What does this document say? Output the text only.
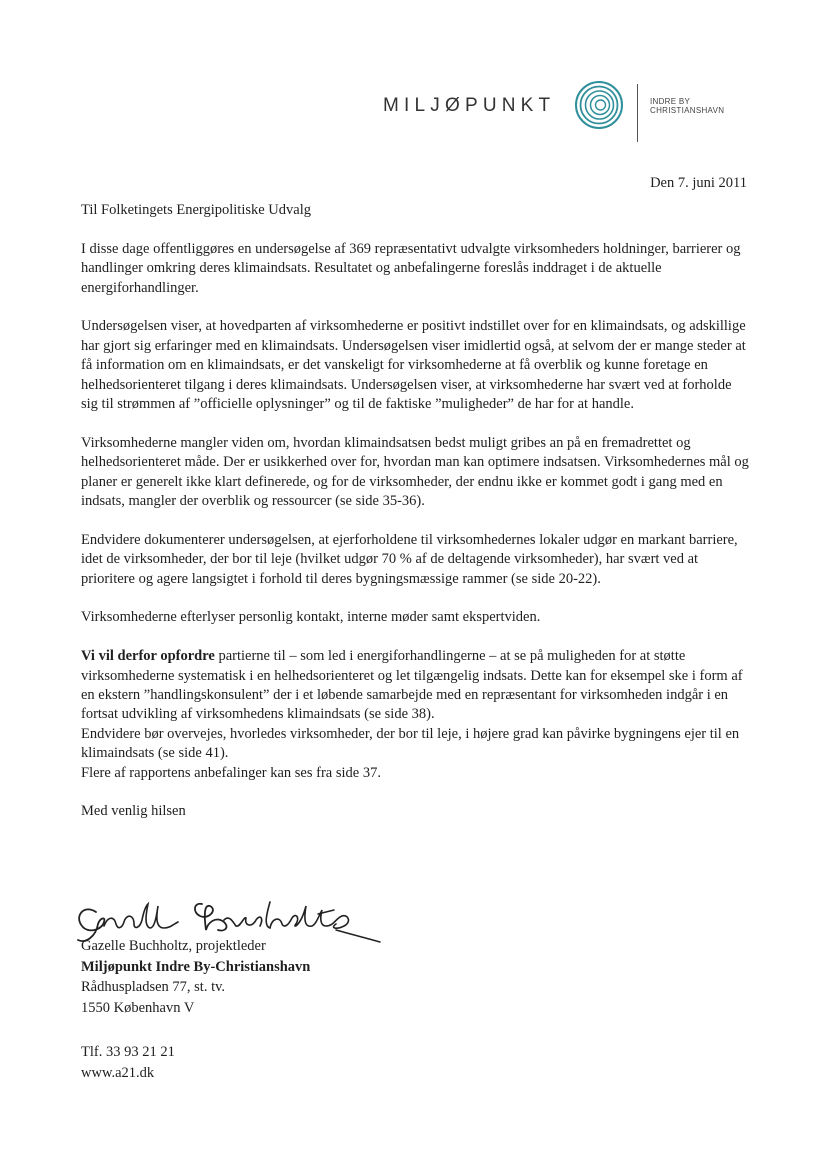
MILJØPUNKT	INDRE BY
CHRISTIANSHAVN
Den 7. juni 2011

Til Folketingets Energipolitiske Udvalg

I disse dage offentliggøres en undersøgelse af 369 repræsentativt udvalgte virksomheders holdninger, barrierer og handlinger omkring deres klimaindsats. Resultatet og anbefalingerne foreslås inddraget i de aktuelle energiforhandlinger.

Undersøgelsen viser, at hovedparten af virksomhederne er positivt indstillet over for en klimaindsats, og adskillige har gjort sig erfaringer med en klimaindsats. Undersøgelsen viser imidlertid også, at selvom der er mange steder at få information om en klimaindsats, er det vanskeligt for virksomhederne at få overblik og kunne foretage en helhedsorienteret tilgang i deres klimaindsats. Undersøgelsen viser, at virksomhederne har svært ved at forholde sig til strømmen af ”officielle oplysninger” og til de faktiske ”muligheder” de har for at handle.

Virksomhederne mangler viden om, hvordan klimaindsatsen bedst muligt gribes an på en fremadrettet og helhedsorienteret måde. Der er usikkerhed over for, hvordan man kan optimere indsatsen. Virksomhedernes mål og planer er generelt ikke klart definerede, og for de virksomheder, der endnu ikke er kommet godt i gang med en indsats, mangler der overblik og ressourcer (se side 35-36).

Endvidere dokumenterer undersøgelsen, at ejerforholdene til virksomhedernes lokaler udgør en markant barriere, idet de virksomheder, der bor til leje (hvilket udgør 70 % af de deltagende virksomheder), har svært ved at prioritere og agere langsigtet i forhold til deres bygningsmæssige rammer (se side 20-22).

Virksomhederne efterlyser personlig kontakt, interne møder samt ekspertviden.

Vi vil derfor opfordre partierne til – som led i energiforhandlingerne – at se på muligheden for at støtte virksomhederne systematisk i en helhedsorienteret og let tilgængelig indsats. Dette kan for eksempel ske i form af en ekstern ”handlingskonsulent” der i et løbende samarbejde med en repræsentant for virksomheden indgår i en fortsat udvikling af virksomhedens klimaindsats (se side 38).

Endvidere bør overvejes, hvorledes virksomheder, der bor til leje, i højere grad kan påvirke bygningens ejer til en klimaindsats (se side 41).

Flere af rapportens anbefalinger kan ses fra side 37.

Med venlig hilsen

Gazelle Buchholtz, projektleder
Miljøpunkt Indre By-Christianshavn
Rådhuspladsen 77, st. tv.
1550 København V
Tlf. 33 93 21 21
www.a21.dk
